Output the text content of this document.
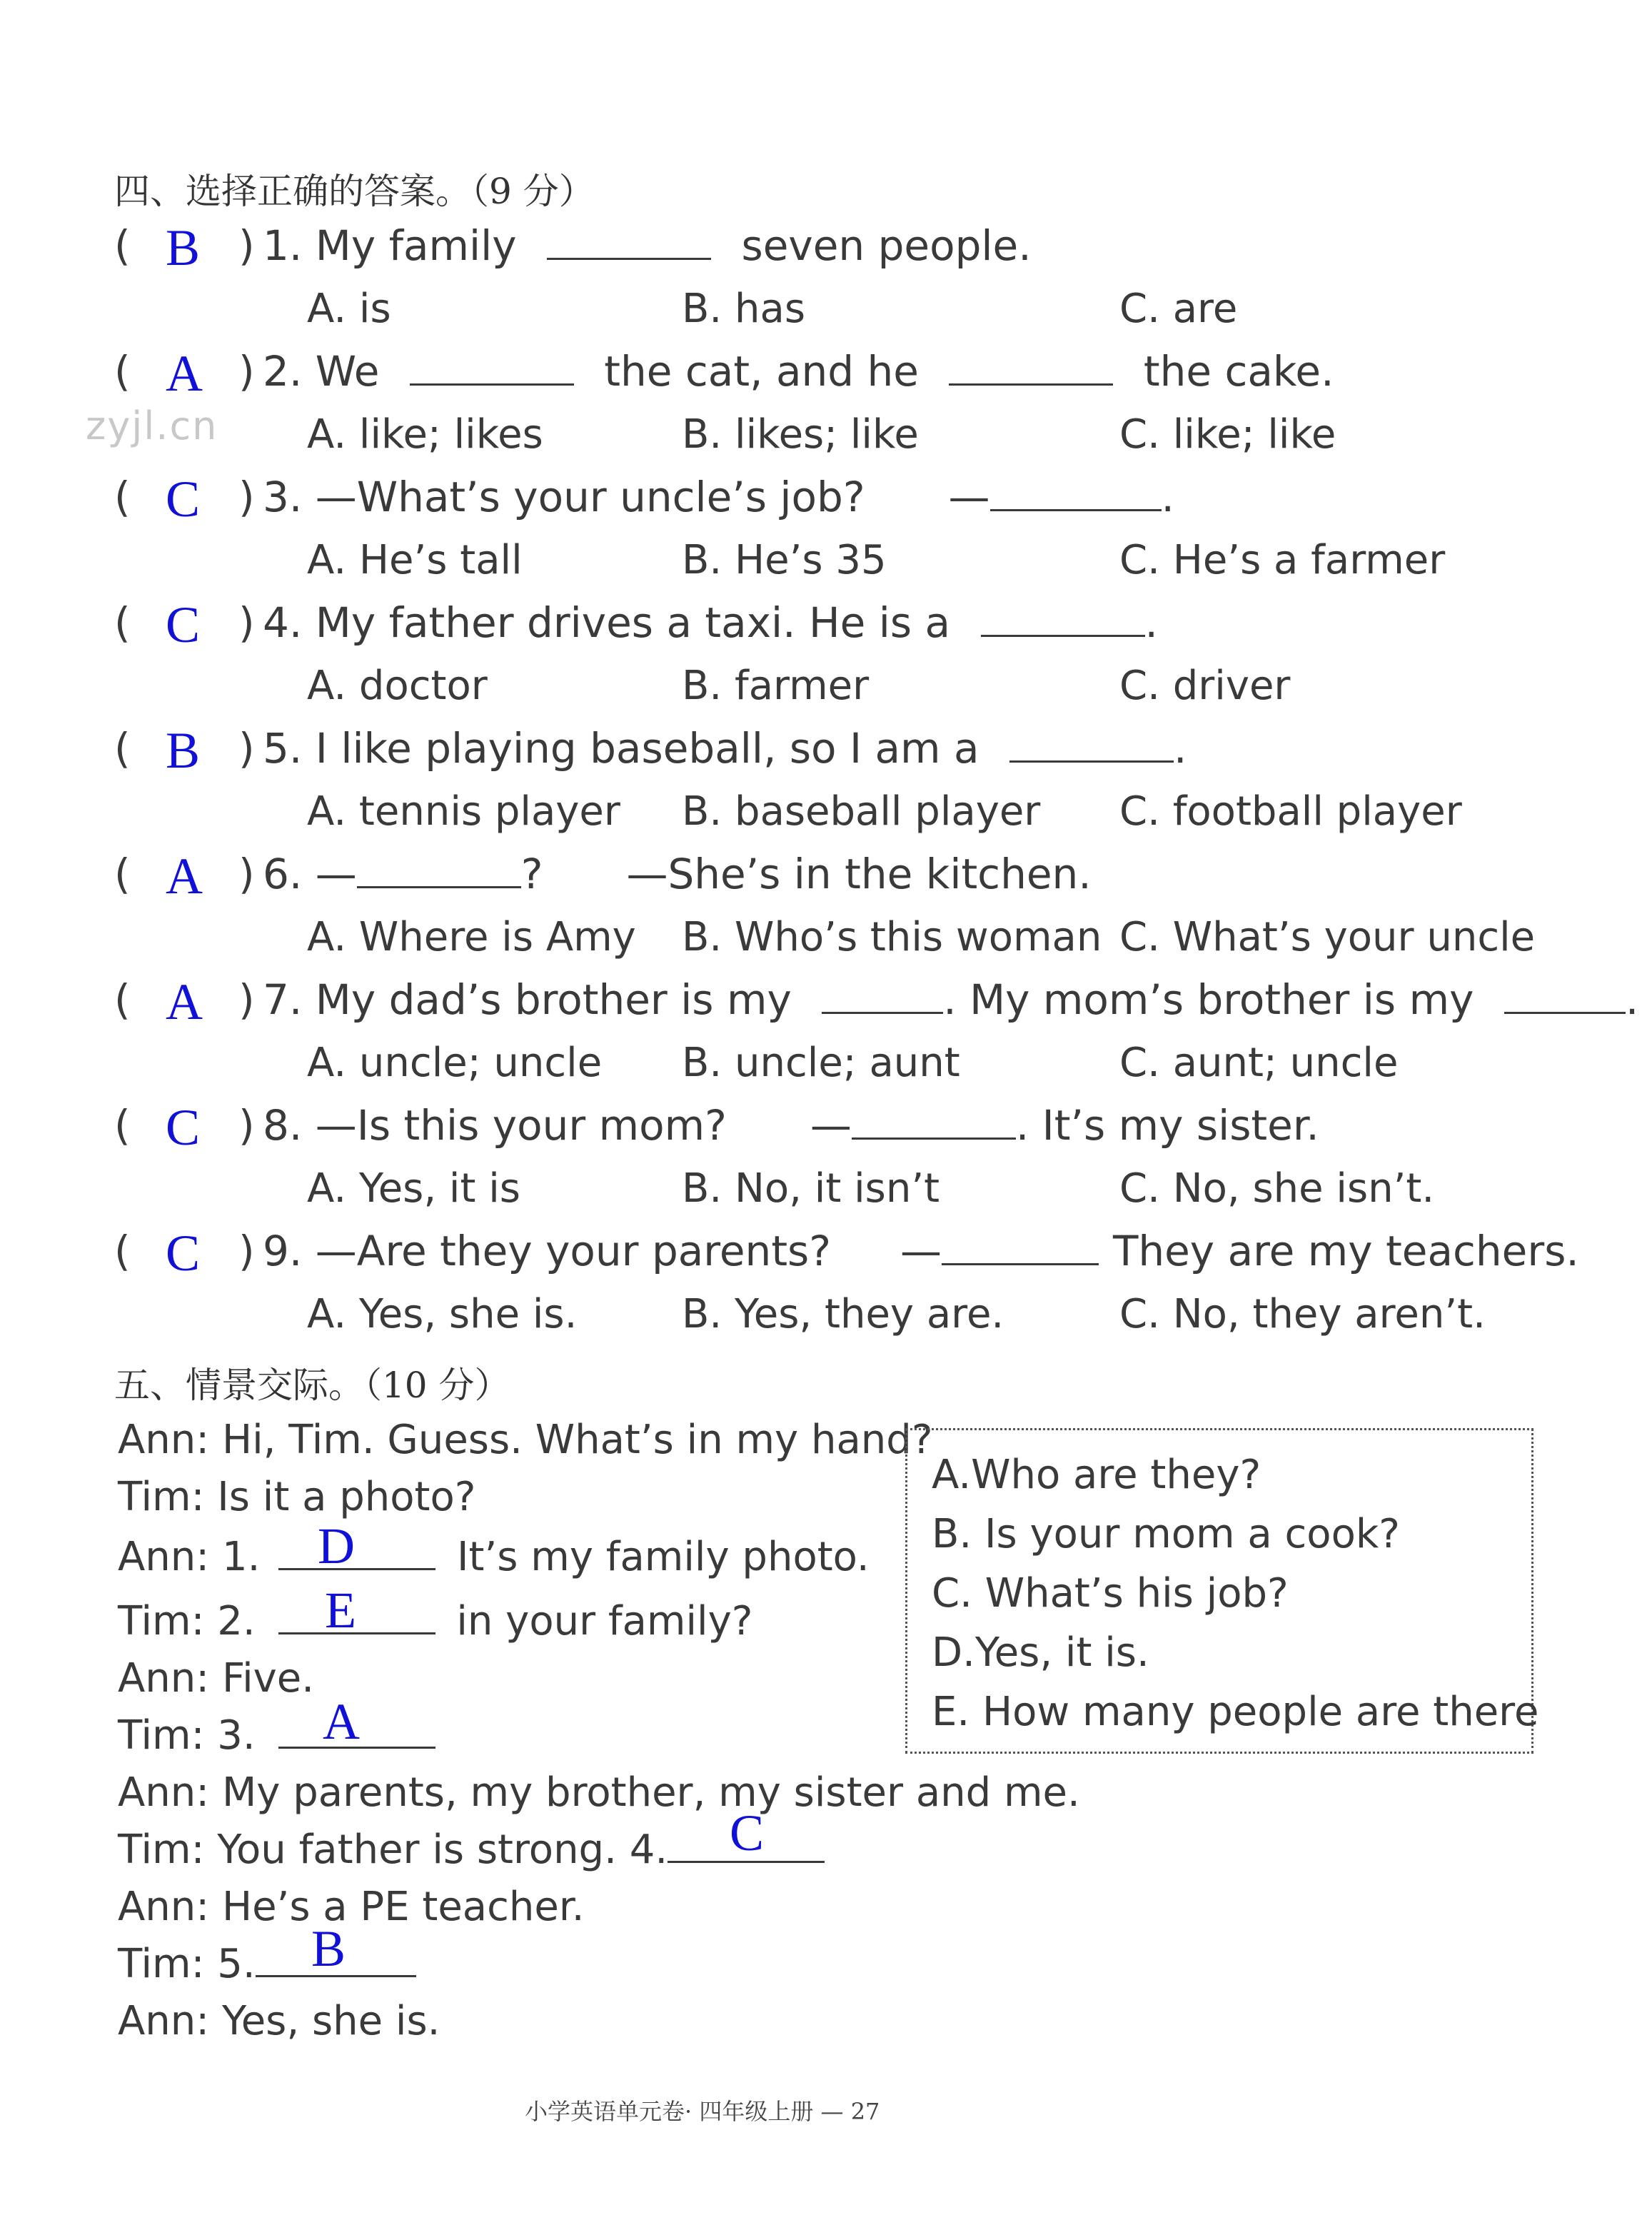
四、选择正确的答案。（9 分）
zyjl.cn
( B ) 1. My family	seven people.
A. is	B. has	C. are
( A ) 2. We	the cat, and he	the cake.
A. like; likes	B. likes; like	C. like; like
( C ) 3. —What’s your uncle’s job? —	.
A. He’s tall	B. He’s 35	C. He’s a farmer
( C ) 4. My father drives a taxi. He is a	.
A. doctor	B. farmer	C. driver
( B ) 5. I like playing baseball, so I am a	.
A. tennis player B. baseball player C. football player
( A ) 6. —	? —She’s in the kitchen.
A. Where is Amy B. Who’s this woman C. What’s your uncle
( A ) 7. My dad’s brother is my	. My mom’s brother is my	.
A. uncle; uncle B. uncle; aunt	C. aunt; uncle
( C ) 8. —Is this your mom? —	. It’s my sister.
A. Yes, it is	B. No, it isn’t	C. No, she isn’t.
( C ) 9. —Are they your parents? —	They are my teachers.
A. Yes, she is.	B. Yes, they are.	C. No, they aren’t.
五、情景交际。（10 分）
Ann: Hi, Tim. Guess. What’s in my hand?
Tim: Is it a photo?
Ann: 1.	It’s my family photo.
D
Tim: 2.	in your family?
E
Ann: Five.
Tim: 3.	A
Ann: My parents, my brother, my sister and me.
Tim: You father is strong. 4.	C
Ann: He’s a PE teacher.
Tim: 5.	B
Ann: Yes, she is.
A.Who are they?
B. Is your mom a cook?
C. What’s his job?
D.Yes, it is.
E. How many people are there
小学英语单元卷· 四年级上册 — 27
